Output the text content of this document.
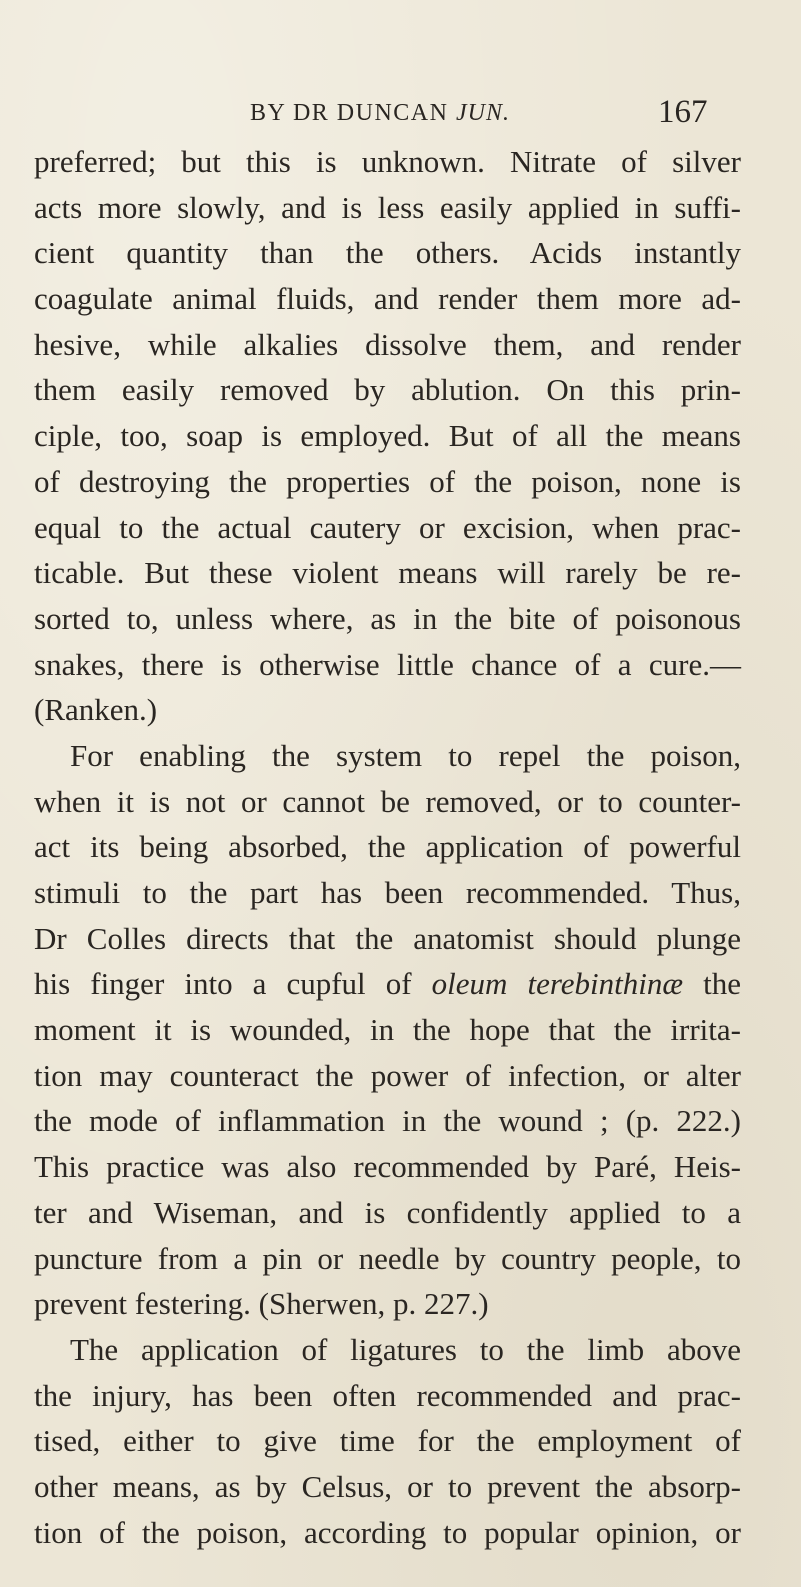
BY DR DUNCAN JUN.	167
preferred; but this is unknown. Nitrate of silver
acts more slowly, and is less easily applied in suffi-
cient quantity than the others. Acids instantly
coagulate animal fluids, and render them more ad-
hesive, while alkalies dissolve them, and render
them easily removed by ablution. On this prin-
ciple, too, soap is employed. But of all the means
of destroying the properties of the poison, none is
equal to the actual cautery or excision, when prac-
ticable. But these violent means will rarely be re-
sorted to, unless where, as in the bite of poisonous
snakes, there is otherwise little chance of a cure.—
(Ranken.)
For enabling the system to repel the poison,
when it is not or cannot be removed, or to counter-
act its being absorbed, the application of powerful
stimuli to the part has been recommended. Thus,
Dr Colles directs that the anatomist should plunge
his finger into a cupful of oleum terebinthinæ the
moment it is wounded, in the hope that the irrita-
tion may counteract the power of infection, or alter
the mode of inflammation in the wound ; (p. 222.)
This practice was also recommended by Paré, Heis-
ter and Wiseman, and is confidently applied to a
puncture from a pin or needle by country people, to
prevent festering. (Sherwen, p. 227.)
The application of ligatures to the limb above
the injury, has been often recommended and prac-
tised, either to give time for the employment of
other means, as by Celsus, or to prevent the absorp-
tion of the poison, according to popular opinion, or
